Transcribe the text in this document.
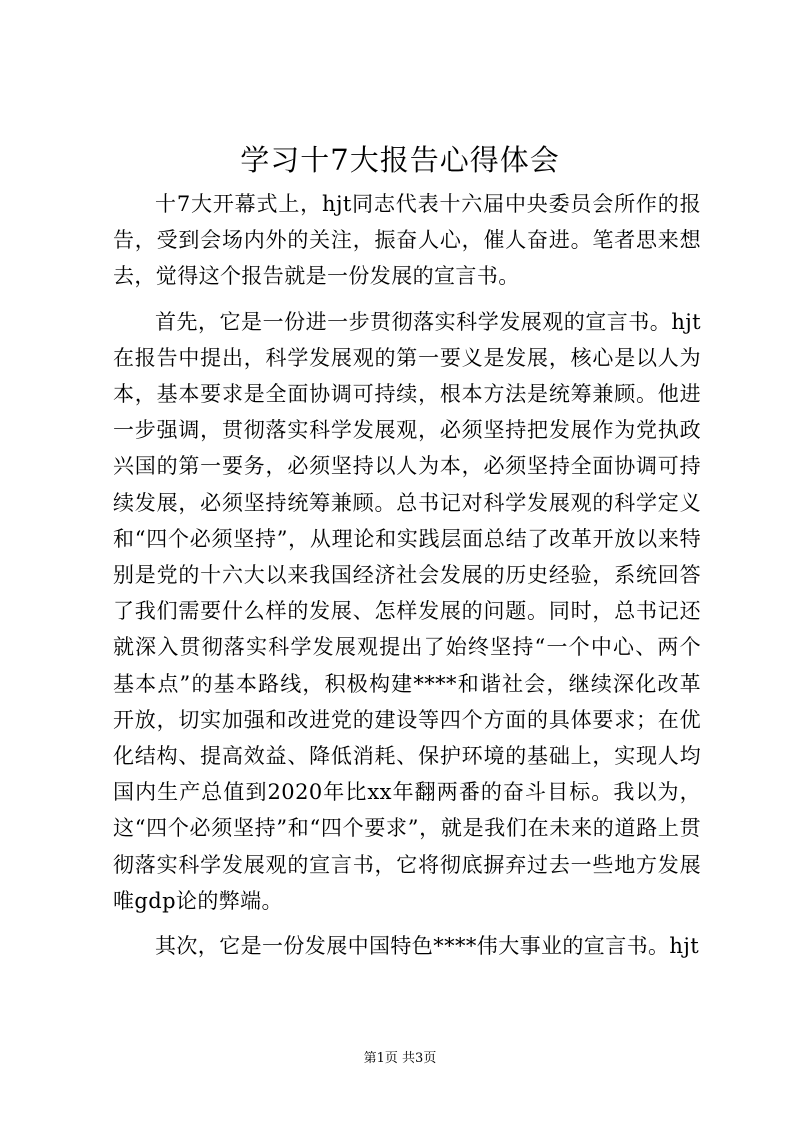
学习十7大报告心得体会

十7大开幕式上，hjt同志代表十六届中央委员会所作的报告，受到会场内外的关注，振奋人心，催人奋进。笔者思来想去，觉得这个报告就是一份发展的宣言书。

首先，它是一份进一步贯彻落实科学发展观的宣言书。hjt在报告中提出，科学发展观的第一要义是发展，核心是以人为本，基本要求是全面协调可持续，根本方法是统筹兼顾。他进一步强调，贯彻落实科学发展观，必须坚持把发展作为党执政兴国的第一要务，必须坚持以人为本，必须坚持全面协调可持续发展，必须坚持统筹兼顾。总书记对科学发展观的科学定义和“四个必须坚持”，从理论和实践层面总结了改革开放以来特别是党的十六大以来我国经济社会发展的历史经验，系统回答了我们需要什么样的发展、怎样发展的问题。同时，总书记还就深入贯彻落实科学发展观提出了始终坚持“一个中心、两个基本点”的基本路线，积极构建****和谐社会，继续深化改革开放，切实加强和改进党的建设等四个方面的具体要求；在优化结构、提高效益、降低消耗、保护环境的基础上，实现人均国内生产总值到2020年比xx年翻两番的奋斗目标。我以为，这“四个必须坚持”和“四个要求”，就是我们在未来的道路上贯彻落实科学发展观的宣言书，它将彻底摒弃过去一些地方发展唯gdp论的弊端。

其次，它是一份发展中国特色****伟大事业的宣言书。hjt

第1页 共3页
